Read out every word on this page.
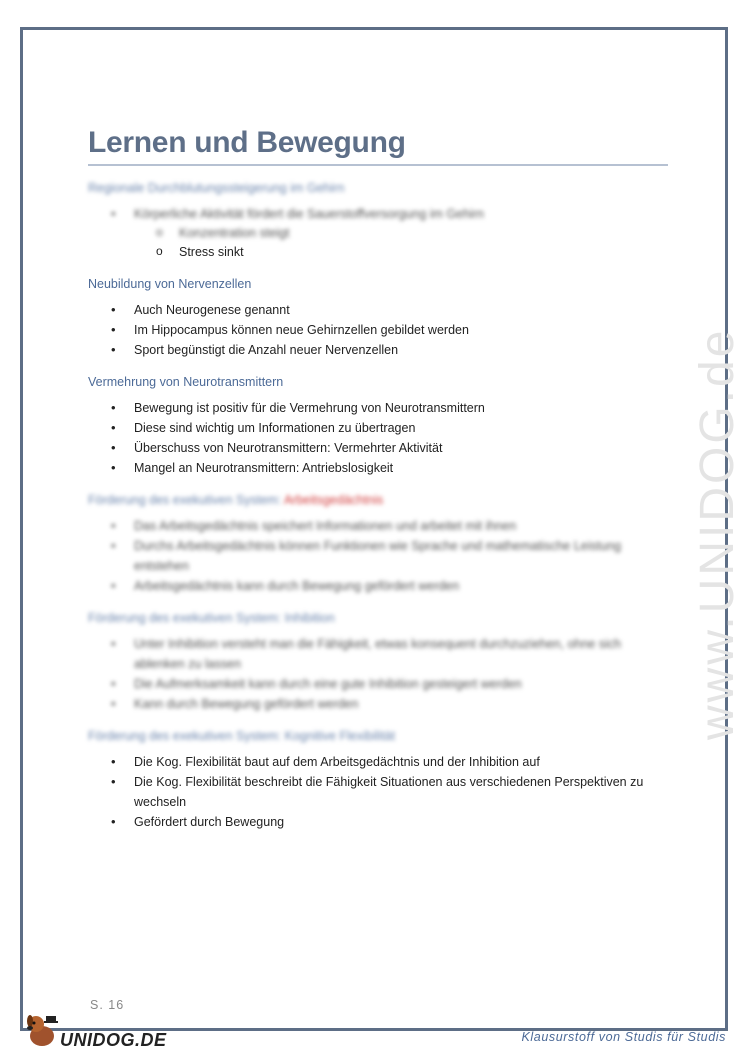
www.UNIDOG.de
Lernen und Bewegung
Regionale Durchblutungssteigerung im Gehirn
• Körperliche Aktivität fördert die Sauerstoffversorgung im Gehirn
o Konzentration steigt
o Stress sinkt
Neubildung von Nervenzellen
• Auch Neurogenese genannt
• Im Hippocampus können neue Gehirnzellen gebildet werden
• Sport begünstigt die Anzahl neuer Nervenzellen
Vermehrung von Neurotransmittern
• Bewegung ist positiv für die Vermehrung von Neurotransmittern
• Diese sind wichtig um Informationen zu übertragen
• Überschuss von Neurotransmittern: Vermehrter Aktivität
• Mangel an Neurotransmittern: Antriebslosigkeit
Förderung des exekutiven System: Arbeitsgedächtnis
• Das Arbeitsgedächtnis speichert Informationen und arbeitet mit ihnen
• Durchs Arbeitsgedächtnis können Funktionen wie Sprache und mathematische Leistung entstehen
• Arbeitsgedächtnis kann durch Bewegung gefördert werden
Förderung des exekutiven System: Inhibition
• Unter Inhibition versteht man die Fähigkeit, etwas konsequent durchzuziehen, ohne sich ablenken zu lassen
• Die Aufmerksamkeit kann durch eine gute Inhibition gesteigert werden
• Kann durch Bewegung gefördert werden
Förderung des exekutiven System: Kognitive Flexibilität
• Die Kog. Flexibilität baut auf dem Arbeitsgedächtnis und der Inhibition auf
• Die Kog. Flexibilität beschreibt die Fähigkeit Situationen aus verschiedenen Perspektiven zu wechseln
• Gefördert durch Bewegung
S. 16
UNIDOG.DE	Klausurstoff von Studis für Studis
